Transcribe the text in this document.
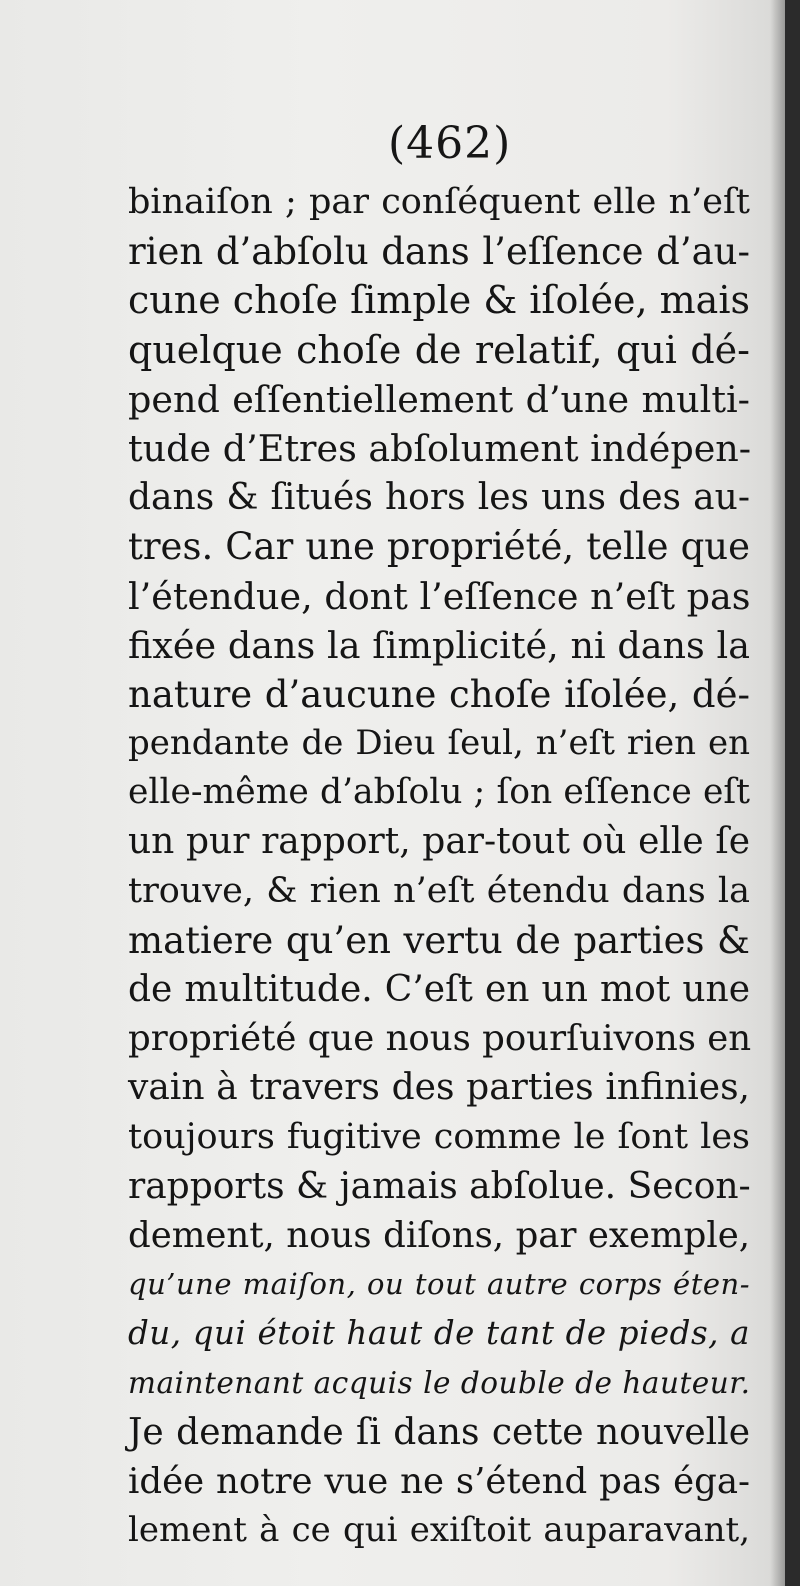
(462)
binaiſon ; par conſéquent elle n’eſt
rien d’abſolu dans l’eſſence d’au-
cune choſe ſimple & iſolée, mais
quelque choſe de relatif, qui dé-
pend eſſentiellement d’une multi-
tude d’Etres abſolument indépen-
dans & ſitués hors les uns des au-
tres. Car une propriété, telle que
l’étendue, dont l’eſſence n’eſt pas
fixée dans la ſimplicité, ni dans la
nature d’aucune choſe iſolée, dé-
pendante de Dieu ſeul, n’eſt rien en
elle-même d’abſolu ; ſon eſſence eſt
un pur rapport, par-tout où elle ſe
trouve, & rien n’eſt étendu dans la
matiere qu’en vertu de parties &
de multitude. C’eſt en un mot une
propriété que nous pourſuivons en
vain à travers des parties infinies,
toujours fugitive comme le ſont les
rapports & jamais abſolue. Secon-
dement, nous diſons, par exemple,
qu’une maiſon, ou tout autre corps éten-
du, qui étoit haut de tant de pieds, a
maintenant acquis le double de hauteur.
Je demande ſi dans cette nouvelle
idée notre vue ne s’étend pas éga-
lement à ce qui exiſtoit auparavant,
